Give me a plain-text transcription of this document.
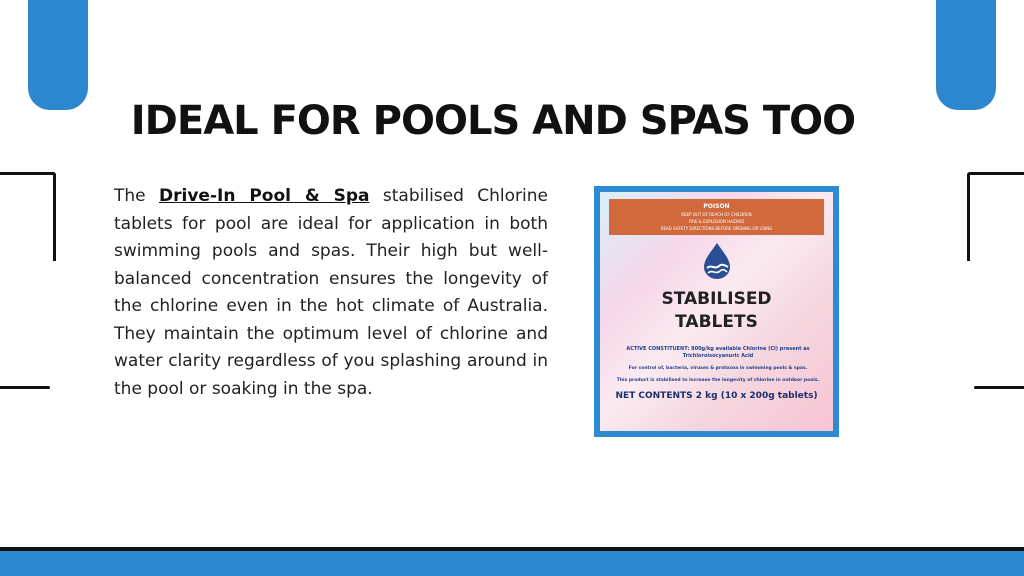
IDEAL FOR POOLS AND SPAS TOO

The Drive-In Pool & Spa stabilised Chlorine tablets for pool are ideal for application in both swimming pools and spas. Their high but well-balanced concentration ensures the longevity of the chlorine even in the hot climate of Australia. They maintain the optimum level of chlorine and water clarity regardless of you splashing around in the pool or soaking in the spa.

POISON
KEEP OUT OF REACH OF CHILDREN
FIRE & EXPLOSION HAZARD
READ SAFETY DIRECTIONS BEFORE OPENING OR USING
STABILISED
TABLETS
ACTIVE CONSTITUENT: 800g/kg available Chlorine (Cl) present as Trichloroisocyanuric Acid
For control of, bacteria, viruses & protozoa in swimming pools & spas.
This product is stabilised to increase the longevity of chlorine in outdoor pools.
NET CONTENTS 2 kg (10 x 200g tablets)
